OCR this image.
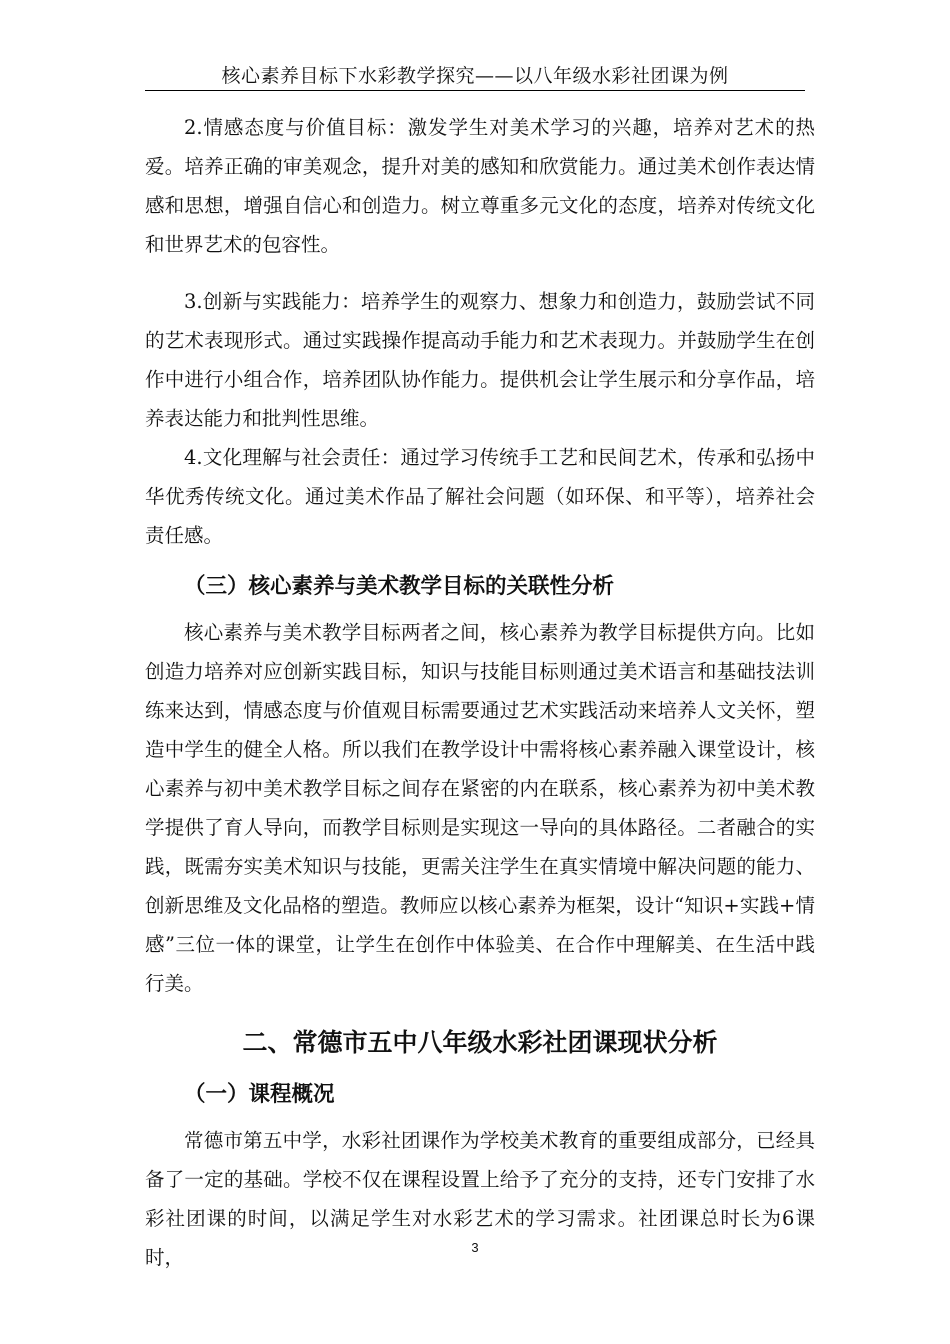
核心素养目标下水彩教学探究——以八年级水彩社团课为例

2.情感态度与价值目标：激发学生对美术学习的兴趣，培养对艺术的热爱。培养正确的审美观念，提升对美的感知和欣赏能力。通过美术创作表达情感和思想，增强自信心和创造力。树立尊重多元文化的态度，培养对传统文化和世界艺术的包容性。

3.创新与实践能力：培养学生的观察力、想象力和创造力，鼓励尝试不同的艺术表现形式。通过实践操作提高动手能力和艺术表现力。并鼓励学生在创作中进行小组合作，培养团队协作能力。提供机会让学生展示和分享作品，培养表达能力和批判性思维。

4.文化理解与社会责任：通过学习传统手工艺和民间艺术，传承和弘扬中华优秀传统文化。通过美术作品了解社会问题（如环保、和平等），培养社会责任感。

（三）核心素养与美术教学目标的关联性分析

核心素养与美术教学目标两者之间，核心素养为教学目标提供方向。比如创造力培养对应创新实践目标，知识与技能目标则通过美术语言和基础技法训练来达到，情感态度与价值观目标需要通过艺术实践活动来培养人文关怀，塑造中学生的健全人格。所以我们在教学设计中需将核心素养融入课堂设计，核心素养与初中美术教学目标之间存在紧密的内在联系，核心素养为初中美术教学提供了育人导向，而教学目标则是实现这一导向的具体路径。二者融合的实践，既需夯实美术知识与技能，更需关注学生在真实情境中解决问题的能力、创新思维及文化品格的塑造。教师应以核心素养为框架，设计“知识+实践+情感”三位一体的课堂，让学生在创作中体验美、在合作中理解美、在生活中践行美。

二、常德市五中八年级水彩社团课现状分析
（一）课程概况

常德市第五中学，水彩社团课作为学校美术教育的重要组成部分，已经具备了一定的基础。学校不仅在课程设置上给予了充分的支持，还专门安排了水彩社团课的时间，以满足学生对水彩艺术的学习需求。社团课总时长为6课时，	3
